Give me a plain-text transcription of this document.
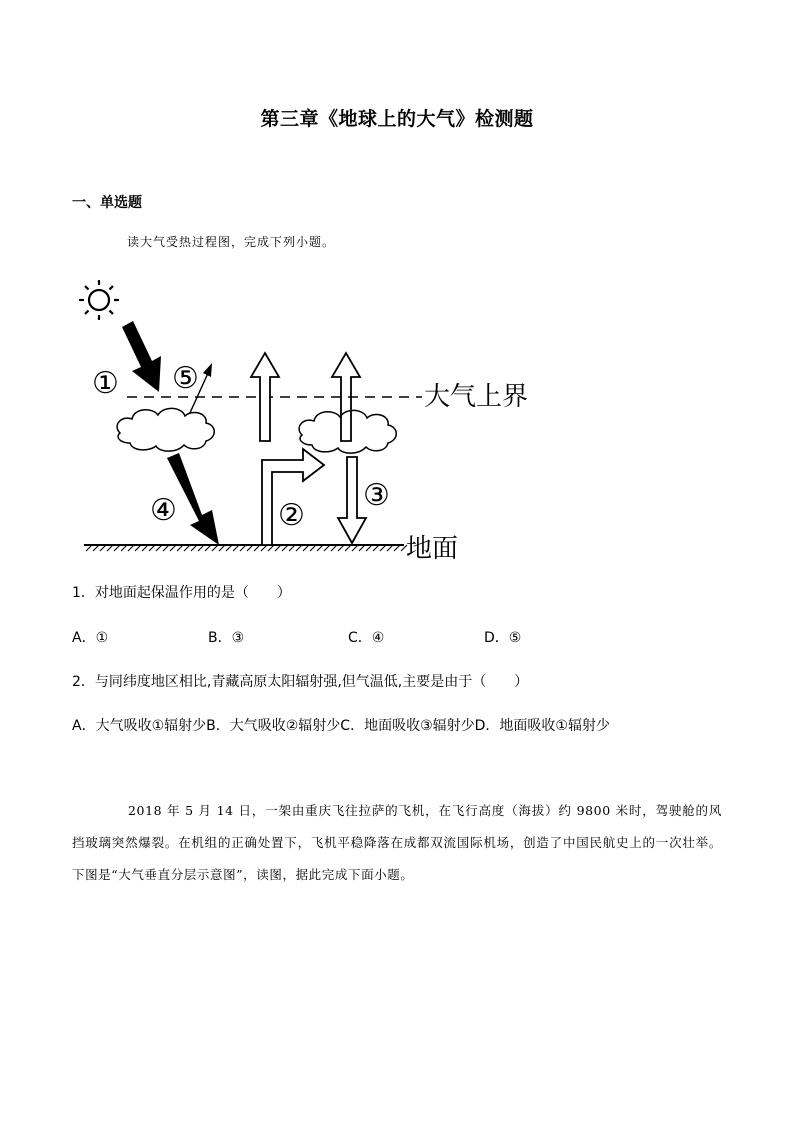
第三章《地球上的大气》检测题
一、单选题
读大气受热过程图，完成下列小题。
① ⑤
④	②
③
大气上界
地面
1．对地面起保温作用的是（　　）
A．①	B．③	C．④	D．⑤
2．与同纬度地区相比,青藏高原太阳辐射强,但气温低,主要是由于（　　）
A．大气吸收①辐射少B．大气吸收②辐射少C．地面吸收③辐射少D．地面吸收①辐射少
2018 年 5 月 14 日，一架由重庆飞往拉萨的飞机，在飞行高度（海拔）约 9800 米时，驾驶舱的风挡玻璃突然爆裂。在机组的正确处置下，飞机平稳降落在成都双流国际机场，创造了中国民航史上的一次壮举。下图是“大气垂直分层示意图”，读图，据此完成下面小题。
